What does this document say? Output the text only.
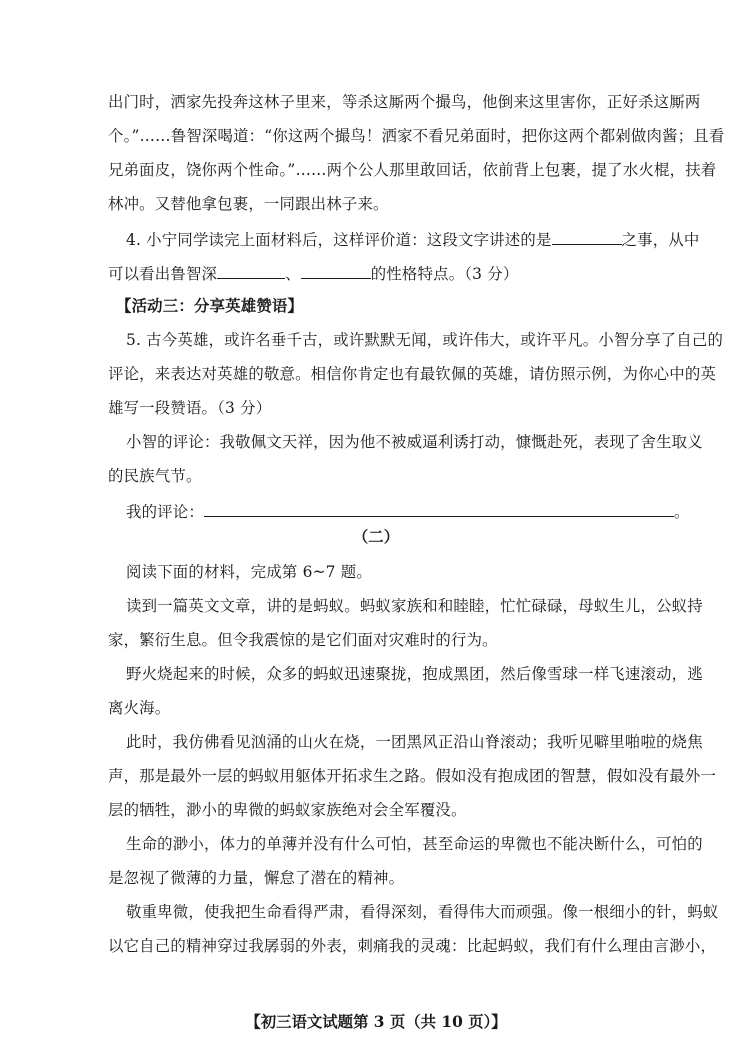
出门时，洒家先投奔这林子里来，等杀这厮两个撮鸟，他倒来这里害你，正好杀这厮两
个。”……鲁智深喝道：“你这两个撮鸟！洒家不看兄弟面时，把你这两个都剁做肉酱；且看
兄弟面皮，饶你两个性命。”……两个公人那里敢回话，依前背上包裹，提了水火棍，扶着
林冲。又替他拿包裹，一同跟出林子来。
4. 小宁同学读完上面材料后，这样评价道：这段文字讲述的是	之事，从中
可以看出鲁智深	、	的性格特点。（3 分）
【活动三：分享英雄赞语】
5. 古今英雄，或许名垂千古，或许默默无闻，或许伟大，或许平凡。小智分享了自己的
评论，来表达对英雄的敬意。相信你肯定也有最钦佩的英雄，请仿照示例，为你心中的英
雄写一段赞语。（3 分）
小智的评论：我敬佩文天祥，因为他不被威逼利诱打动，慷慨赴死，表现了舍生取义
的民族气节。
我的评论：	。
（二）
阅读下面的材料，完成第 6~7 题。
读到一篇英文文章，讲的是蚂蚁。蚂蚁家族和和睦睦，忙忙碌碌，母蚁生儿，公蚁持
家，繁衍生息。但令我震惊的是它们面对灾难时的行为。
野火烧起来的时候，众多的蚂蚁迅速聚拢，抱成黑团，然后像雪球一样飞速滚动，逃
离火海。
此时，我仿佛看见汹涌的山火在烧，一团黑风正沿山脊滚动；我听见噼里啪啦的烧焦
声，那是最外一层的蚂蚁用躯体开拓求生之路。假如没有抱成团的智慧，假如没有最外一
层的牺牲，渺小的卑微的蚂蚁家族绝对会全军覆没。
生命的渺小，体力的单薄并没有什么可怕，甚至命运的卑微也不能决断什么，可怕的
是忽视了微薄的力量，懈怠了潜在的精神。
敬重卑微，使我把生命看得严肃，看得深刻，看得伟大而顽强。像一根细小的针，蚂蚁
以它自己的精神穿过我孱弱的外表，刺痛我的灵魂：比起蚂蚁，我们有什么理由言渺小，
【初三语文试题第 3 页（共 10 页）】
